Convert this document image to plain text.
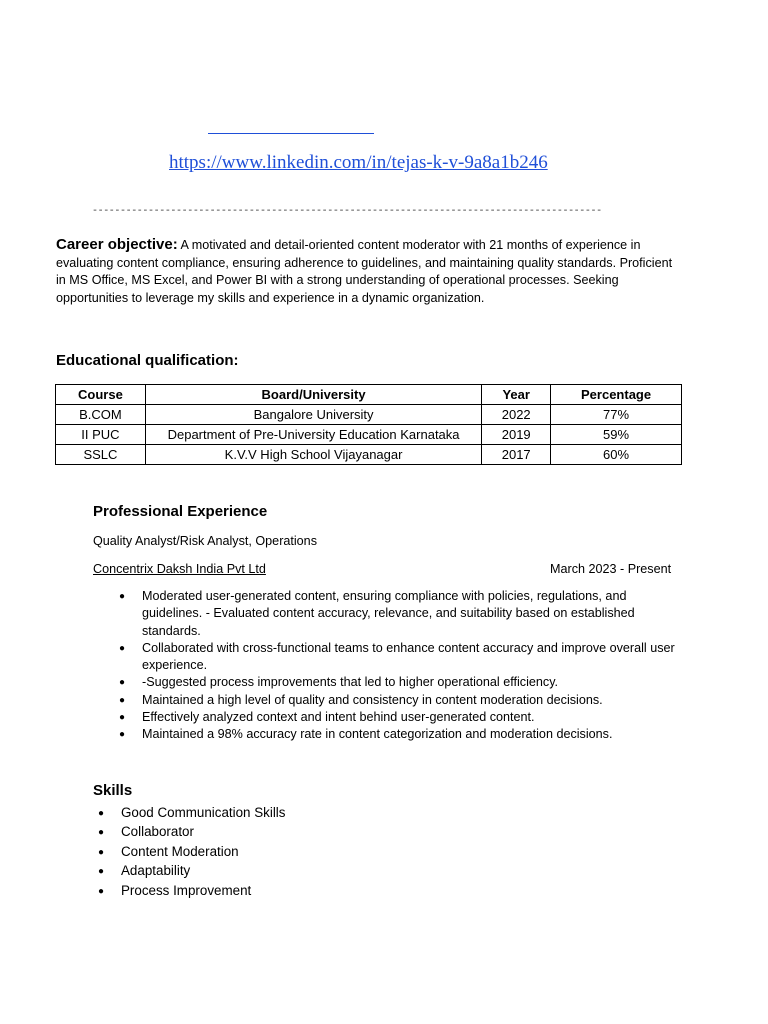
https://www.linkedin.com/in/tejas-k-v-9a8a1b246
-------------------------------------------------------------------------------------------
Career objective: A motivated and detail-oriented content moderator with 21 months of experience in evaluating content compliance, ensuring adherence to guidelines, and maintaining quality standards. Proficient in MS Office, MS Excel, and Power BI with a strong understanding of operational processes. Seeking opportunities to leverage my skills and experience in a dynamic organization.
Educational qualification:
Course	Board/University	Year	Percentage
B.COM	Bangalore University	2022	77%
II PUC	Department of Pre-University Education Karnataka	2019	59%
SSLC	K.V.V High School Vijayanagar	2017	60%
Professional Experience
Quality Analyst/Risk Analyst, Operations
Concentrix Daksh India Pvt Ltd	March 2023 - Present
● Moderated user-generated content, ensuring compliance with policies, regulations, and guidelines. - Evaluated content accuracy, relevance, and suitability based on established standards.
● Collaborated with cross-functional teams to enhance content accuracy and improve overall user experience.
● -Suggested process improvements that led to higher operational efficiency.
● Maintained a high level of quality and consistency in content moderation decisions.
● Effectively analyzed context and intent behind user-generated content.
● Maintained a 98% accuracy rate in content categorization and moderation decisions.
Skills
● Good Communication Skills
● Collaborator
● Content Moderation
● Adaptability
● Process Improvement
